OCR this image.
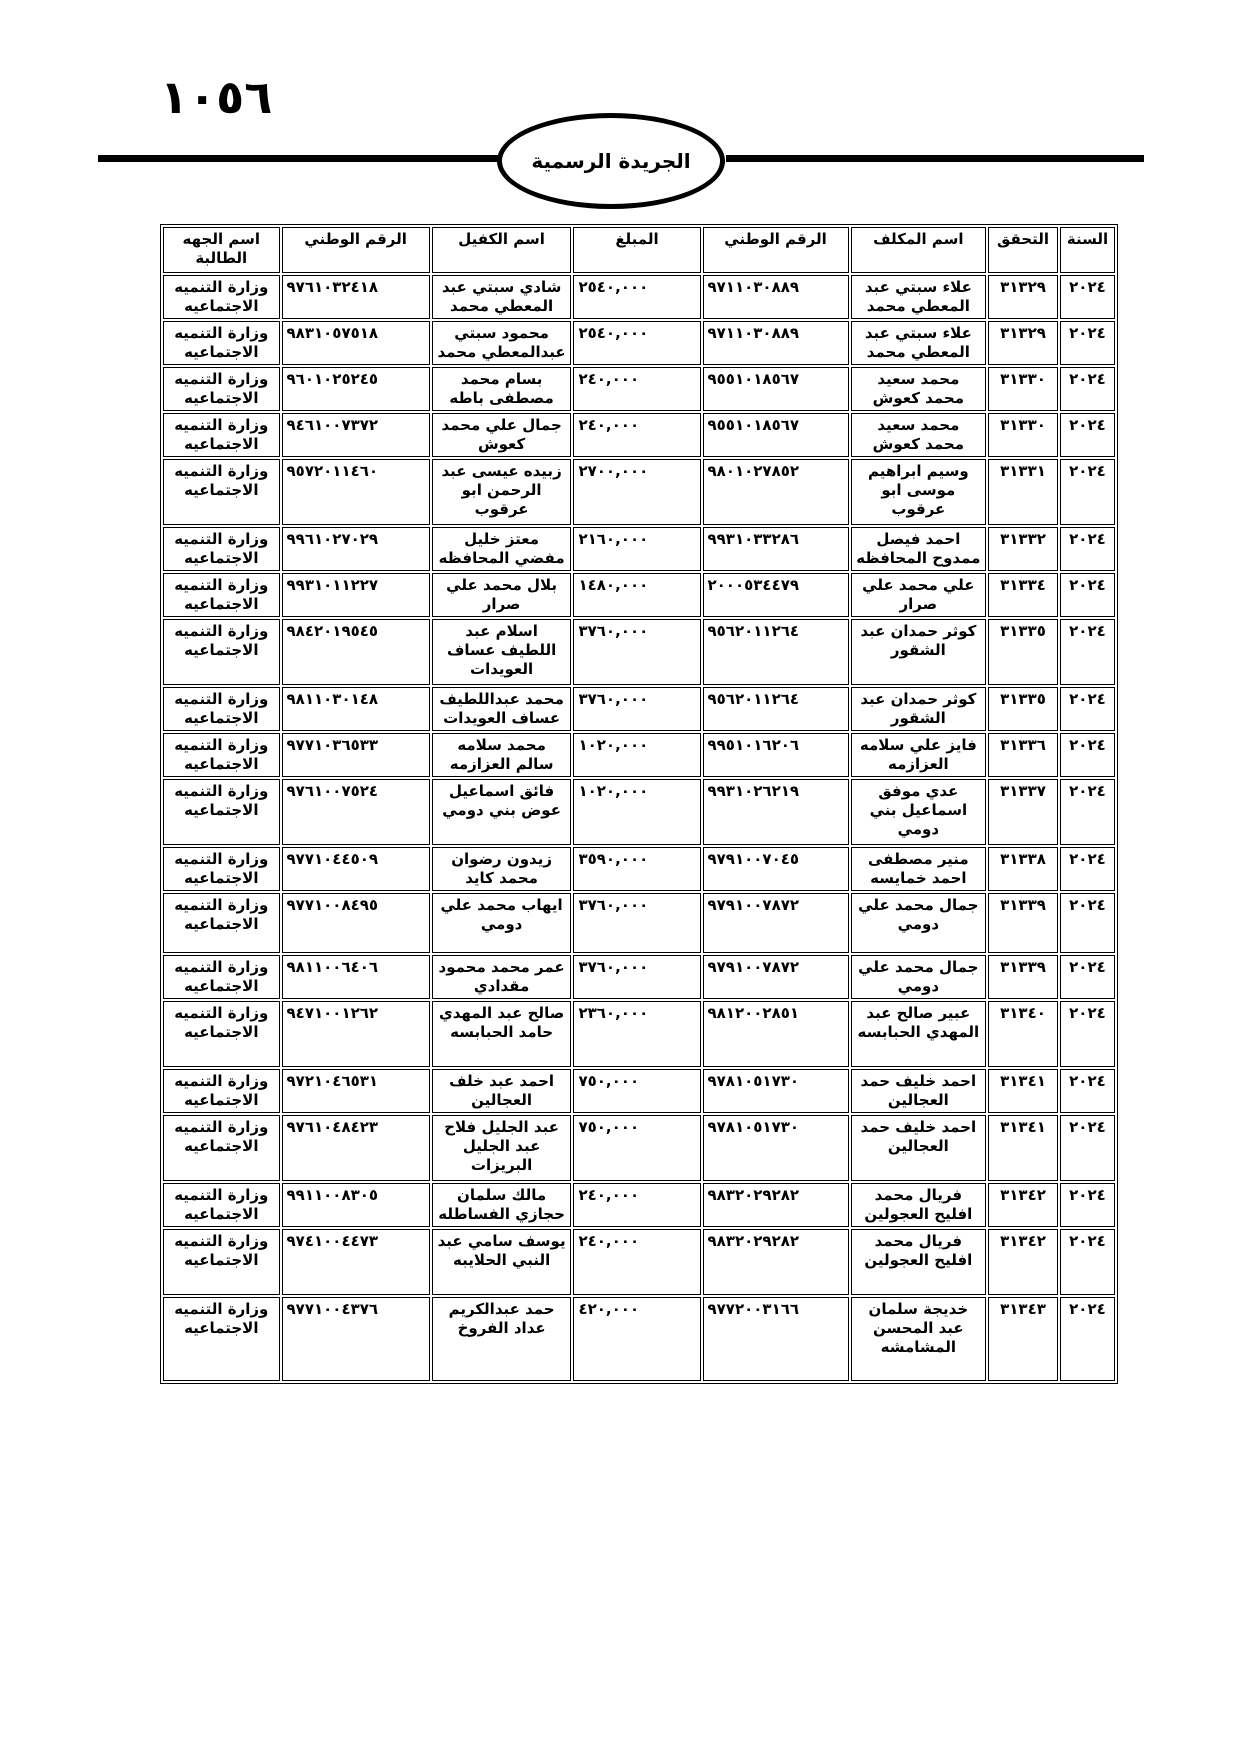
١٠٥٦
الجريدة الرسمية
السنة	التحقق	اسم المكلف	الرقم الوطني	المبلغ	اسم الكفيل	الرقم الوطني	اسم الجهه الطالبة
٢٠٢٤	٣١٣٢٩	علاء سبتي عبد المعطي محمد	٩٧١١٠٣٠٨٨٩	٢٥٤٠,٠٠٠	شادي سبتي عبد المعطي محمد	٩٧٦١٠٣٢٤١٨	وزارة التنميه الاجتماعيه
٢٠٢٤	٣١٣٢٩	علاء سبتي عبد المعطي محمد	٩٧١١٠٣٠٨٨٩	٢٥٤٠,٠٠٠	محمود سبتي عبدالمعطي محمد	٩٨٣١٠٥٧٥١٨	وزارة التنميه الاجتماعيه
٢٠٢٤	٣١٣٣٠	محمد سعيد محمد كعوش	٩٥٥١٠١٨٥٦٧	٢٤٠,٠٠٠	بسام محمد مصطفى باطه	٩٦٠١٠٢٥٢٤٥	وزارة التنميه الاجتماعيه
٢٠٢٤	٣١٣٣٠	محمد سعيد محمد كعوش	٩٥٥١٠١٨٥٦٧	٢٤٠,٠٠٠	جمال علي محمد كعوش	٩٤٦١٠٠٧٣٧٢	وزارة التنميه الاجتماعيه
٢٠٢٤	٣١٣٣١	وسيم ابراهيم موسى ابو عرقوب	٩٨٠١٠٢٧٨٥٢	٢٧٠٠,٠٠٠	زبيده عيسى عبد الرحمن ابو عرقوب	٩٥٧٢٠١١٤٦٠	وزارة التنميه الاجتماعيه
٢٠٢٤	٣١٣٣٢	احمد فيصل ممدوح المحافظه	٩٩٣١٠٣٣٢٨٦	٢١٦٠,٠٠٠	معتز خليل مفضي المحافظه	٩٩٦١٠٢٧٠٢٩	وزارة التنميه الاجتماعيه
٢٠٢٤	٣١٣٣٤	علي محمد علي صرار	٢٠٠٠٥٣٤٤٧٩	١٤٨٠,٠٠٠	بلال محمد علي صرار	٩٩٣١٠١١٢٢٧	وزارة التنميه الاجتماعيه
٢٠٢٤	٣١٣٣٥	كوثر حمدان عبد الشقور	٩٥٦٢٠١١٢٦٤	٣٧٦٠,٠٠٠	اسلام عبد اللطيف عساف العويدات	٩٨٤٢٠١٩٥٤٥	وزارة التنميه الاجتماعيه
٢٠٢٤	٣١٣٣٥	كوثر حمدان عبد الشقور	٩٥٦٢٠١١٢٦٤	٣٧٦٠,٠٠٠	محمد عبداللطيف عساف العويدات	٩٨١١٠٣٠١٤٨	وزارة التنميه الاجتماعيه
٢٠٢٤	٣١٣٣٦	فايز علي سلامه العزازمه	٩٩٥١٠١٦٢٠٦	١٠٢٠,٠٠٠	محمد سلامه سالم العزازمه	٩٧٧١٠٣٦٥٣٣	وزارة التنميه الاجتماعيه
٢٠٢٤	٣١٣٣٧	عدي موفق اسماعيل بني دومي	٩٩٣١٠٢٦٢١٩	١٠٢٠,٠٠٠	فائق اسماعيل عوض بني دومي	٩٧٦١٠٠٧٥٢٤	وزارة التنميه الاجتماعيه
٢٠٢٤	٣١٣٣٨	منير مصطفى احمد خمايسه	٩٧٩١٠٠٧٠٤٥	٣٥٩٠,٠٠٠	زيدون رضوان محمد كايد	٩٧٧١٠٤٤٥٠٩	وزارة التنميه الاجتماعيه
٢٠٢٤	٣١٣٣٩	جمال محمد علي دومي	٩٧٩١٠٠٧٨٧٢	٣٧٦٠,٠٠٠	ايهاب محمد علي دومي	٩٧٧١٠٠٨٤٩٥	وزارة التنميه الاجتماعيه
٢٠٢٤	٣١٣٣٩	جمال محمد علي دومي	٩٧٩١٠٠٧٨٧٢	٣٧٦٠,٠٠٠	عمر محمد محمود مقدادي	٩٨١١٠٠٦٤٠٦	وزارة التنميه الاجتماعيه
٢٠٢٤	٣١٣٤٠	عبير صالح عبد المهدي الحبابسه	٩٨١٢٠٠٢٨٥١	٢٣٦٠,٠٠٠	صالح عبد المهدي حامد الحبابسه	٩٤٧١٠٠١٢٦٢	وزارة التنميه الاجتماعيه
٢٠٢٤	٣١٣٤١	احمد خليف حمد العجالين	٩٧٨١٠٥١٧٣٠	٧٥٠,٠٠٠	احمد عبد خلف العجالين	٩٧٢١٠٤٦٥٣١	وزارة التنميه الاجتماعيه
٢٠٢٤	٣١٣٤١	احمد خليف حمد العجالين	٩٧٨١٠٥١٧٣٠	٧٥٠,٠٠٠	عبد الجليل فلاح عبد الجليل البريزات	٩٧٦١٠٤٨٤٢٣	وزارة التنميه الاجتماعيه
٢٠٢٤	٣١٣٤٢	فريال محمد افليح العجولين	٩٨٣٢٠٢٩٢٨٢	٢٤٠,٠٠٠	مالك سلمان حجازي الفساطله	٩٩١١٠٠٨٣٠٥	وزارة التنميه الاجتماعيه
٢٠٢٤	٣١٣٤٢	فريال محمد افليح العجولين	٩٨٣٢٠٢٩٢٨٢	٢٤٠,٠٠٠	يوسف سامي عبد النبي الحلايبه	٩٧٤١٠٠٤٤٧٣	وزارة التنميه الاجتماعيه
٢٠٢٤	٣١٣٤٣	خديجة سلمان عبد المحسن المشامشه	٩٧٧٢٠٠٣١٦٦	٤٢٠,٠٠٠	حمد عبدالكريم عداد الفروخ	٩٧٧١٠٠٤٣٧٦	وزارة التنميه الاجتماعيه
